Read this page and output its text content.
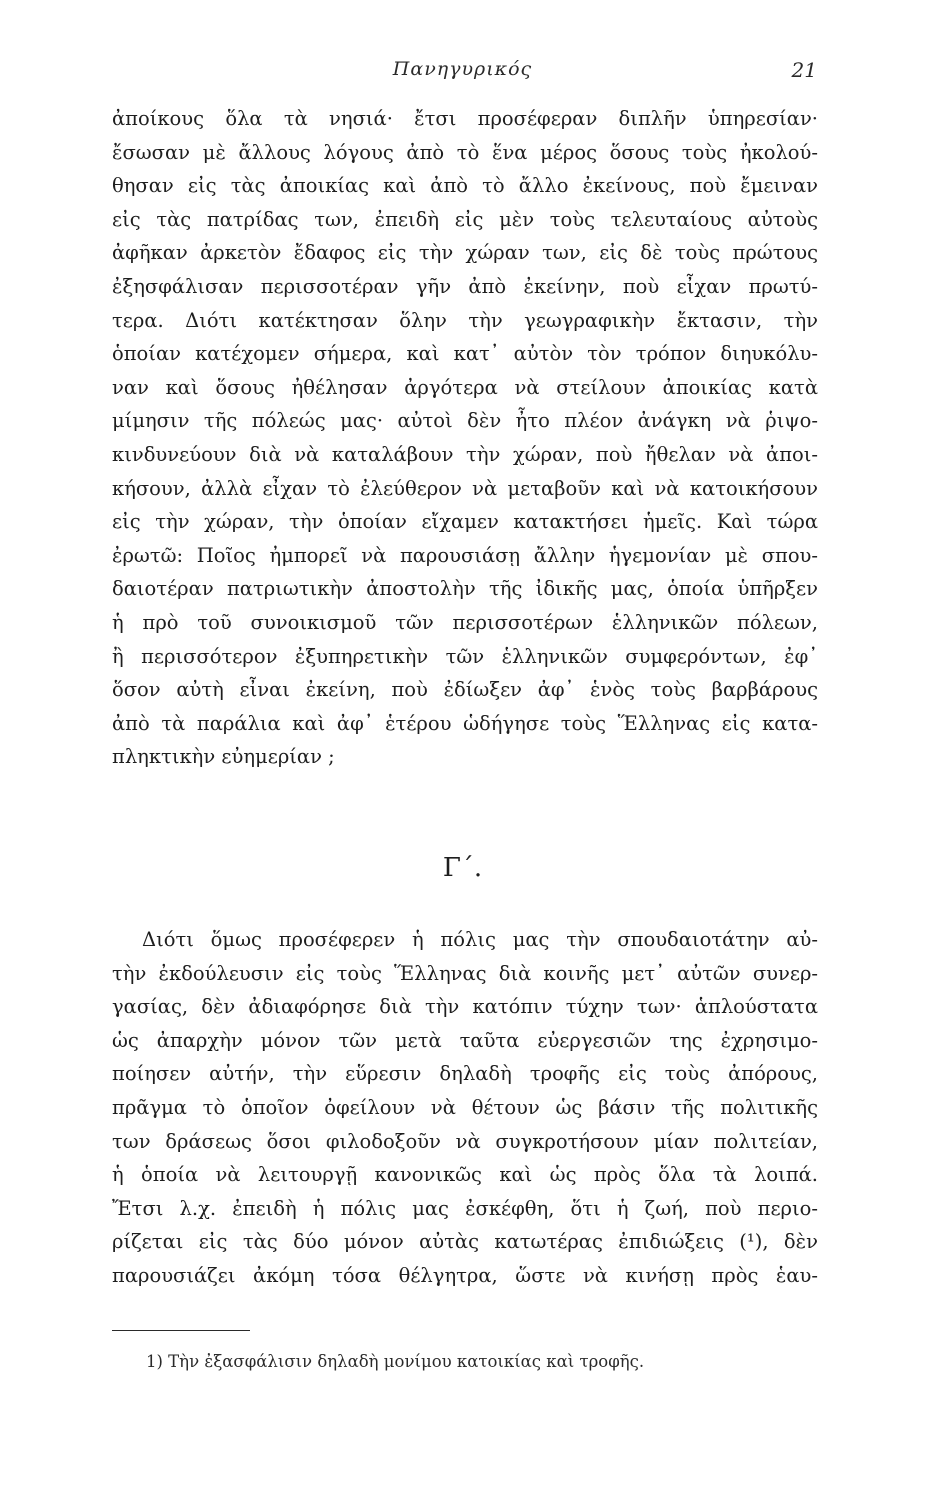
Πανηγυρικός	21
ἀποίκους ὅλα τὰ νησιά· ἔτσι προσέφεραν διπλῆν ὑπηρεσίαν·
ἔσωσαν μὲ ἄλλους λόγους ἀπὸ τὸ ἕνα μέρος ὅσους τοὺς ἠκολού-
θησαν εἰς τὰς ἀποικίας καὶ ἀπὸ τὸ ἄλλο ἐκείνους, ποὺ ἔμειναν
εἰς τὰς πατρίδας των, ἐπειδὴ εἰς μὲν τοὺς τελευταίους αὐτοὺς
ἀφῆκαν ἀρκετὸν ἔδαφος εἰς τὴν χώραν των, εἰς δὲ τοὺς πρώτους
ἐξησφάλισαν περισσοτέραν γῆν ἀπὸ ἐκείνην, ποὺ εἶχαν πρωτύ-
τερα. Διότι κατέκτησαν ὅλην τὴν γεωγραφικὴν ἔκτασιν, τὴν
ὁποίαν κατέχομεν σήμερα, καὶ κατ᾽ αὐτὸν τὸν τρόπον διηυκόλυ-
ναν καὶ ὅσους ἠθέλησαν ἀργότερα νὰ στείλουν ἀποικίας κατὰ
μίμησιν τῆς πόλεώς μας· αὐτοὶ δὲν ἦτο πλέον ἀνάγκη νὰ ῥιψο-
κινδυνεύουν διὰ νὰ καταλάβουν τὴν χώραν, ποὺ ἤθελαν νὰ ἀποι-
κήσουν, ἀλλὰ εἶχαν τὸ ἐλεύθερον νὰ μεταβοῦν καὶ νὰ κατοικήσουν
εἰς τὴν χώραν, τὴν ὁποίαν εἴχαμεν κατακτήσει ἡμεῖς. Καὶ τώρα
ἐρωτῶ: Ποῖος ἠμπορεῖ νὰ παρουσιάσῃ ἄλλην ἡγεμονίαν μὲ σπου-
δαιοτέραν πατριωτικὴν ἀποστολὴν τῆς ἰδικῆς μας, ὁποία ὑπῆρξεν
ἡ πρὸ τοῦ συνοικισμοῦ τῶν περισσοτέρων ἑλληνικῶν πόλεων,
ἢ περισσότερον ἐξυπηρετικὴν τῶν ἑλληνικῶν συμφερόντων, ἐφ᾽
ὅσον αὐτὴ εἶναι ἐκείνη, ποὺ ἐδίωξεν ἀφ᾽ ἑνὸς τοὺς βαρβάρους
ἀπὸ τὰ παράλια καὶ ἀφ᾽ ἑτέρου ὡδήγησε τοὺς Ἕλληνας εἰς κατα-
πληκτικὴν εὐημερίαν ;
Γ΄.
Διότι ὅμως προσέφερεν ἡ πόλις μας τὴν σπουδαιοτάτην αὐ-
τὴν ἐκδούλευσιν εἰς τοὺς Ἕλληνας διὰ κοινῆς μετ᾽ αὐτῶν συνερ-
γασίας, δὲν ἀδιαφόρησε διὰ τὴν κατόπιν τύχην των· ἁπλούστατα
ὡς ἀπαρχὴν μόνον τῶν μετὰ ταῦτα εὐεργεσιῶν της ἐχρησιμο-
ποίησεν αὐτήν, τὴν εὕρεσιν δηλαδὴ τροφῆς εἰς τοὺς ἀπόρους,
πρᾶγμα τὸ ὁποῖον ὀφείλουν νὰ θέτουν ὡς βάσιν τῆς πολιτικῆς
των δράσεως ὅσοι φιλοδοξοῦν νὰ συγκροτήσουν μίαν πολιτείαν,
ἡ ὁποία νὰ λειτουργῇ κανονικῶς καὶ ὡς πρὸς ὅλα τὰ λοιπά.
Ἔτσι λ.χ. ἐπειδὴ ἡ πόλις μας ἐσκέφθη, ὅτι ἡ ζωή, ποὺ περιο-
ρίζεται εἰς τὰς δύο μόνον αὐτὰς κατωτέρας ἐπιδιώξεις (¹), δὲν
παρουσιάζει ἀκόμη τόσα θέλγητρα, ὥστε νὰ κινήσῃ πρὸς ἑαυ-
1) Τὴν ἐξασφάλισιν δηλαδὴ μονίμου κατοικίας καὶ τροφῆς.
